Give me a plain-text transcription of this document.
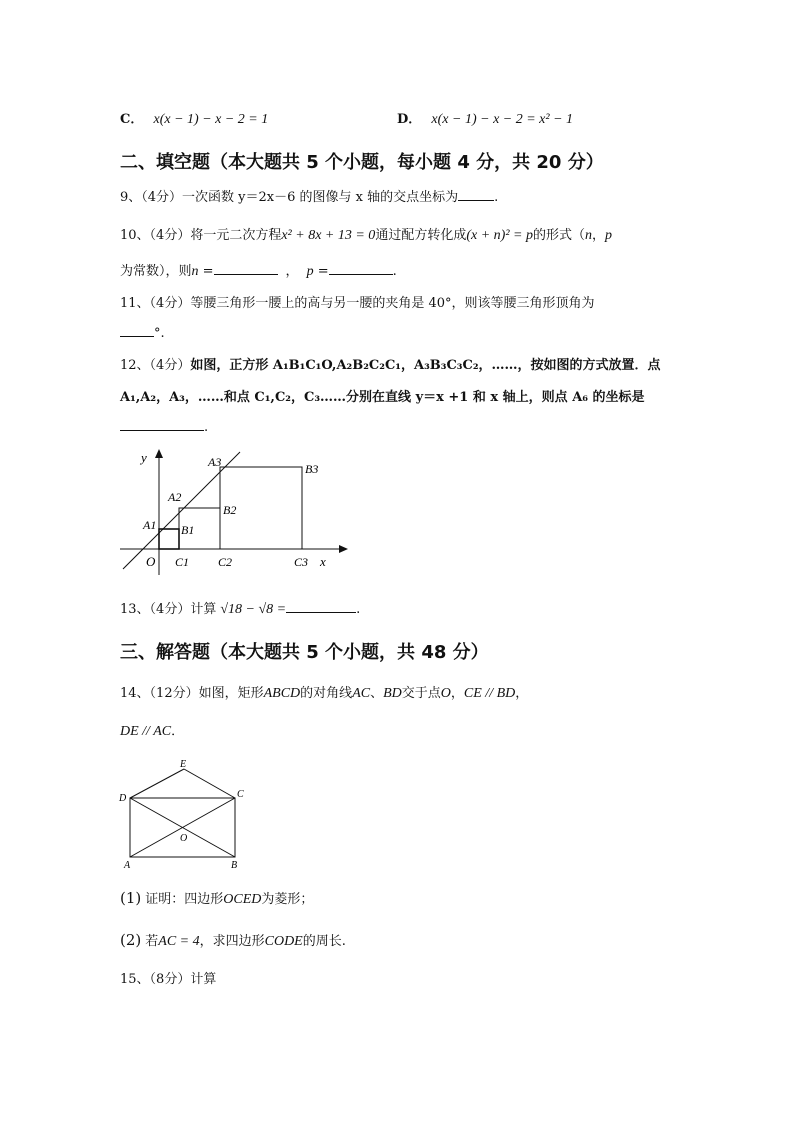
C． x(x − 1) − x − 2 = 1	D． x(x − 1) − x − 2 = x² − 1
二、填空题（本大题共 5 个小题，每小题 4 分，共 20 分）
9、（4分）一次函数 y＝2x－6 的图像与 x 轴的交点坐标为	.
10、（4分）将一元二次方程x² + 8x + 13 = 0通过配方转化成(x + n)² = p的形式（n，p
为常数），则n =	， p =	.
11、（4分）等腰三角形一腰上的高与另一腰的夹角是 40°，则该等腰三角形顶角为
°.
12、（4分）如图，正方形 A₁B₁C₁O,A₂B₂C₂C₁，A₃B₃C₃C₂，……，按如图的方式放置．点
A₁,A₂，A₃，……和点 C₁,C₂，C₃……分别在直线 y＝x +1 和 x 轴上，则点 A₆ 的坐标是
.
y
x
O
A1
A2
A3
B1
B2
B3
C1 C2	C3
13、（4分）计算 √18 − √8 =	.
三、解答题（本大题共 5 个小题，共 48 分）
14、（12分）如图，矩形ABCD的对角线AC、BD交于点O，CE // BD，
DE // AC．
E
D	C
A	B
O
(1) 证明：四边形OCED为菱形；
(2) 若AC = 4，求四边形CODE的周长.
15、（8分）计算
